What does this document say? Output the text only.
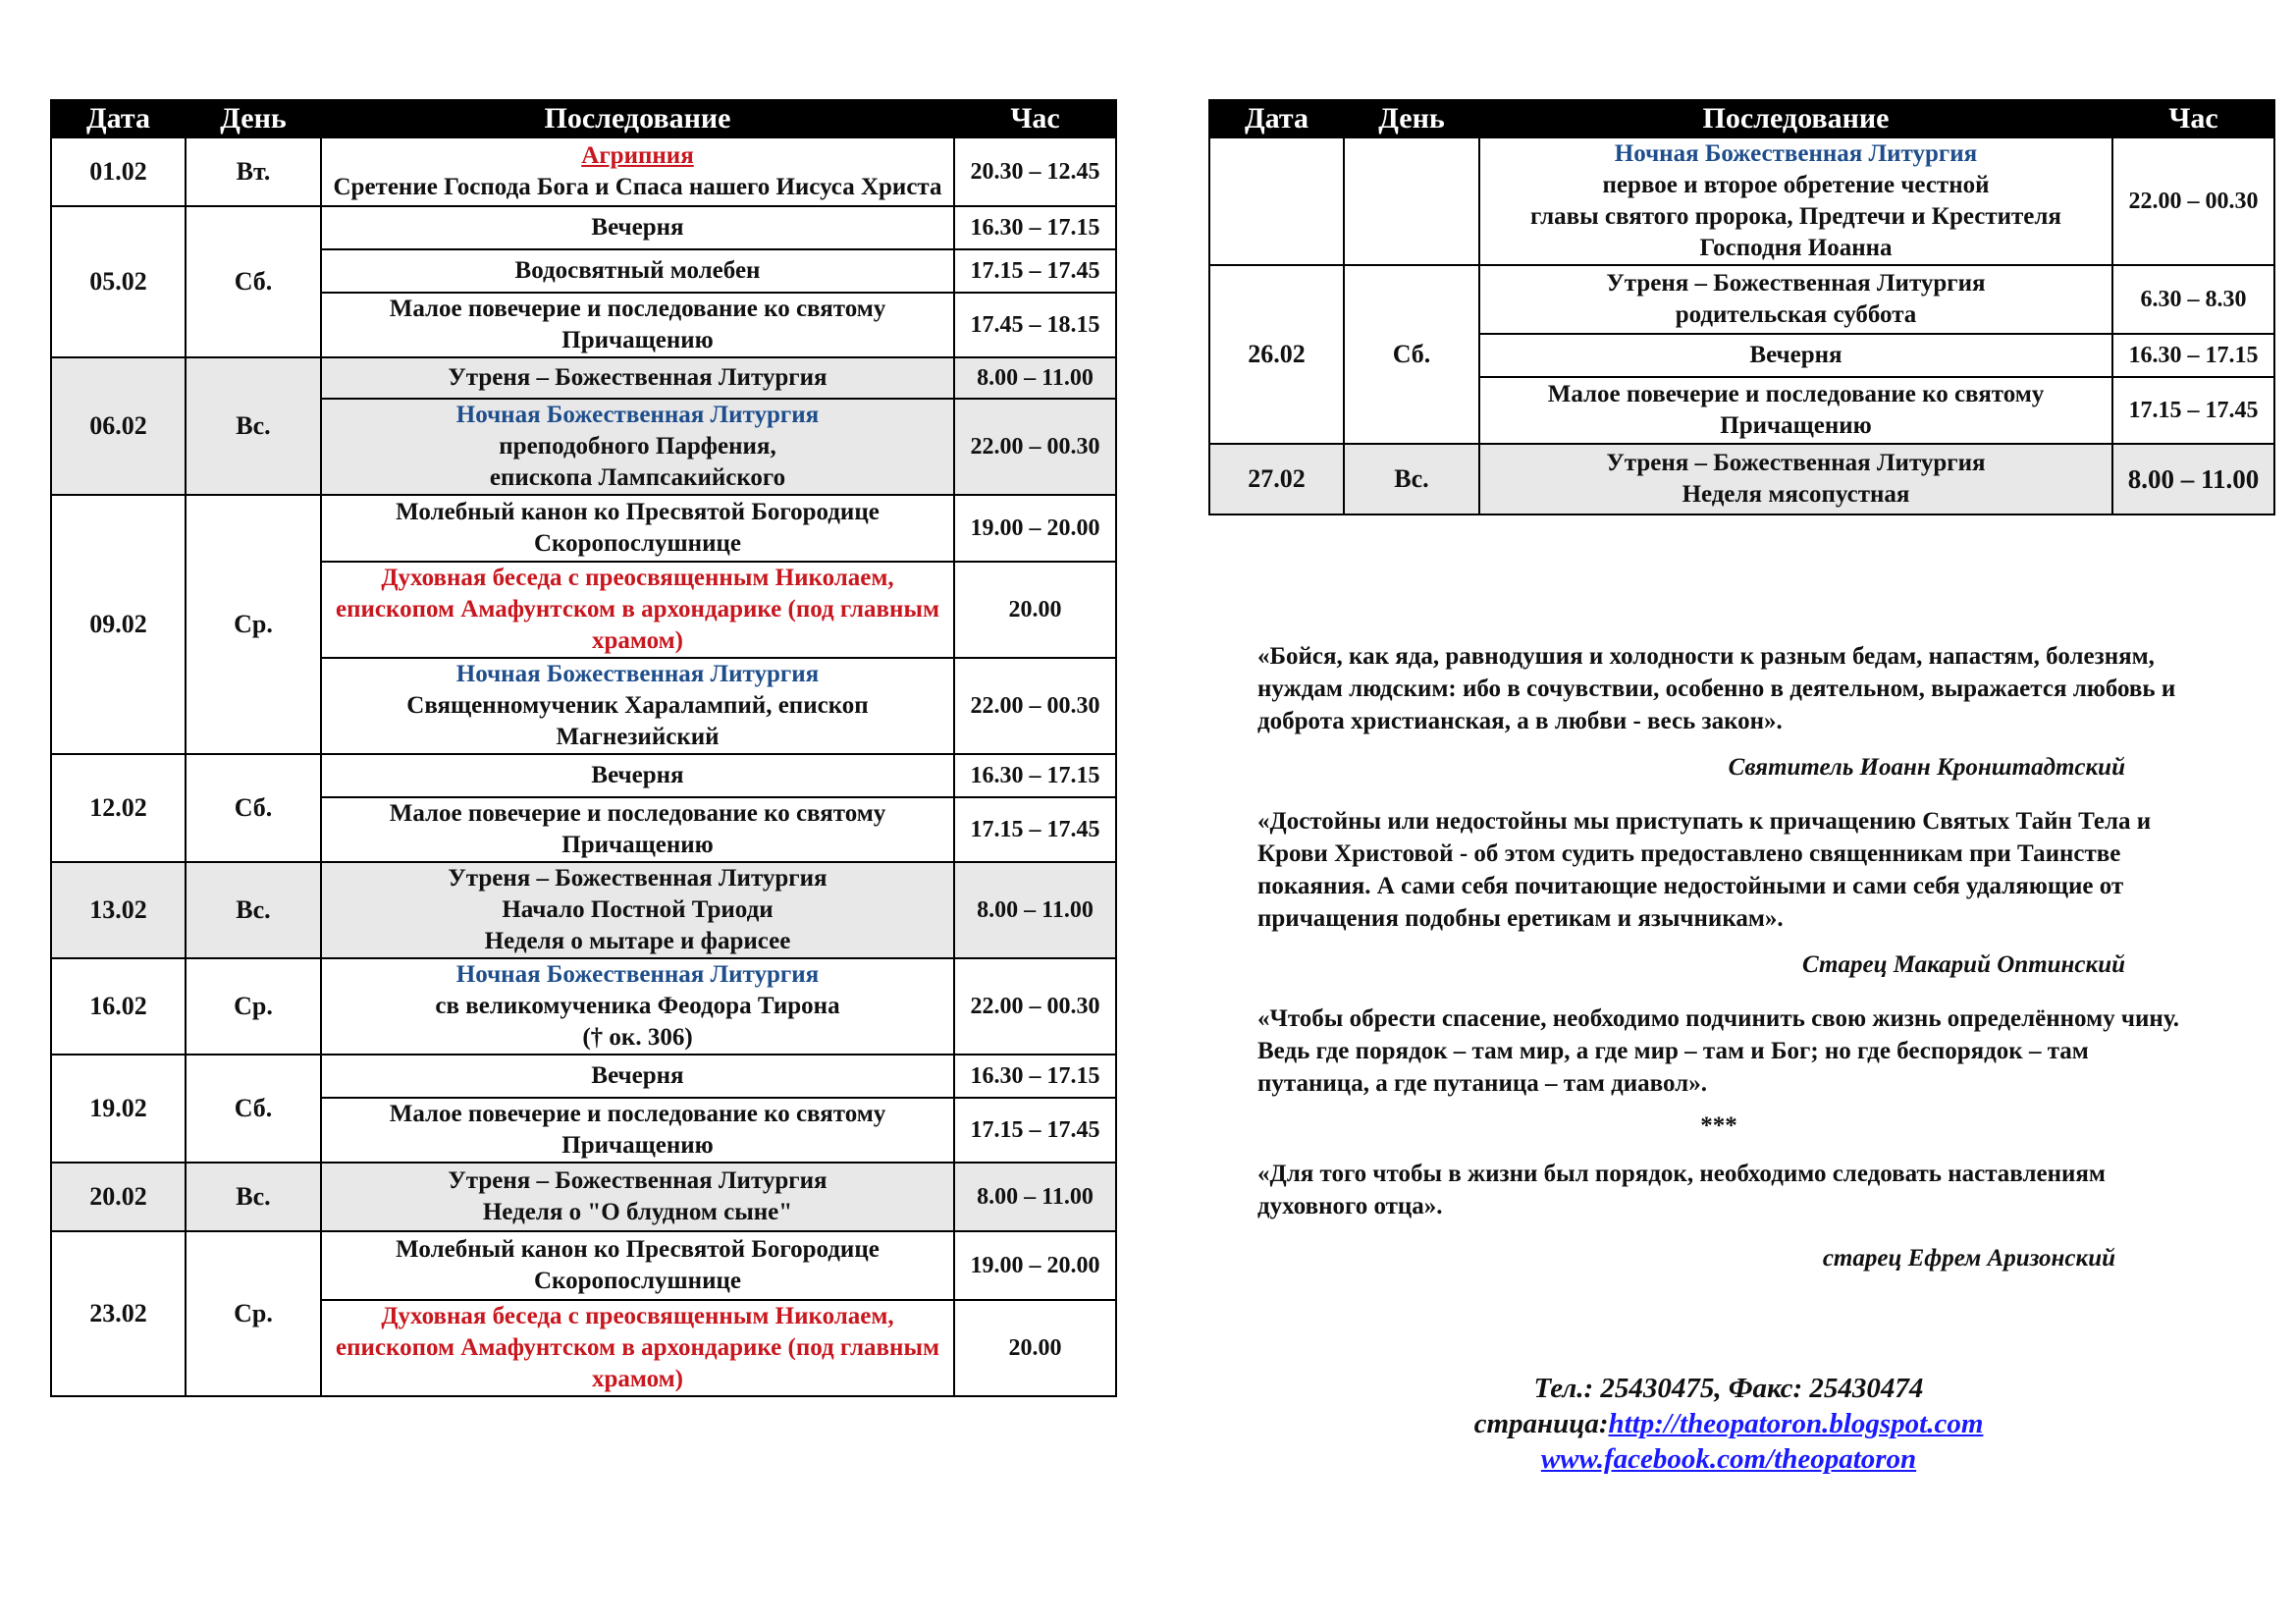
Дата	День	Последование	Час
01.02	Вт.	Агрипния
Сретение Господа Бога и Спаса нашего Иисуса Христа	20.30 – 12.45
05.02	Сб.	Вечерня	16.30 – 17.15

		Водосвятный молебен	17.15 – 17.45

		Малое повечерие и последование ко святому Причащению	17.45 – 18.15
06.02	Вс.	Утреня – Божественная Литургия	8.00 – 11.00

		Ночная Божественная Литургия
преподобного Парфения,
епископа Лампсакийского	22.00 – 00.30
09.02	Ср.	Молебный канон ко Пресвятой Богородице Скоропослушнице	19.00 – 20.00

		Духовная беседа с преосвященным Николаем, епископом Амафунтском в архондарике (под главным храмом)	20.00

		Ночная Божественная Литургия
Священномученик Харалампий, епископ Магнезийский	22.00 – 00.30
12.02	Сб.	Вечерня	16.30 – 17.15

		Малое повечерие и последование ко святому Причащению	17.15 – 17.45
13.02	Вс.	Утреня – Божественная Литургия
Начало Постной Триоди
Неделя о мытаре и фарисее	8.00 – 11.00
16.02	Ср.	Ночная Божественная Литургия
св великомученика Феодора Тирона
(† ок. 306)	22.00 – 00.30
19.02	Сб.	Вечерня	16.30 – 17.15

		Малое повечерие и последование ко святому Причащению	17.15 – 17.45
20.02	Вс.	Утреня – Божественная Литургия
Неделя о "О блудном сыне"	8.00 – 11.00
23.02	Ср.	Молебный канон ко Пресвятой Богородице Скоропослушнице	19.00 – 20.00

		Духовная беседа с преосвященным Николаем, епископом Амафунтском в архондарике (под главным храмом)	20.00
Дата	День	Последование	Час

		Ночная Божественная Литургия
первое и второе обретение честной
главы святого пророка, Предтечи и Крестителя Господня Иоанна	22.00 – 00.30
26.02	Сб.	Утреня – Божественная Литургия
родительская суббота	6.30 – 8.30

		Вечерня	16.30 – 17.15

		Малое повечерие и последование ко святому Причащению	17.15 – 17.45
27.02	Вс.	Утреня – Божественная Литургия
Неделя мясопустная	8.00 – 11.00

«Бойся, как яда, равнодушия и холодности к разным бедам, напастям, болезням, нуждам людским: ибо в сочувствии, особенно в деятельном, выражается любовь и доброта христианская, а в любви - весь закон».

Святитель Иоанн Кронштадтский

«Достойны или недостойны мы приступать к причащению Святых Тайн Тела и Крови Христовой - об этом судить предоставлено священникам при Таинстве покаяния. А сами себя почитающие недостойными и сами себя удаляющие от причащения подобны еретикам и язычникам».

Старец Макарий Оптинский

«Чтобы обрести спасение, необходимо подчинить свою жизнь определённому чину. Ведь где порядок – там мир, а где мир – там и Бог; но где беспорядок – там путаница, а где путаница – там диавол».

***

«Для того чтобы в жизни был порядок, необходимо следовать наставлениям духовного отца».

старец Ефрем Аризонский
Тел.: 25430475, Факс: 25430474
страница:http://theopatoron.blogspot.com
www.facebook.com/theopatoron
